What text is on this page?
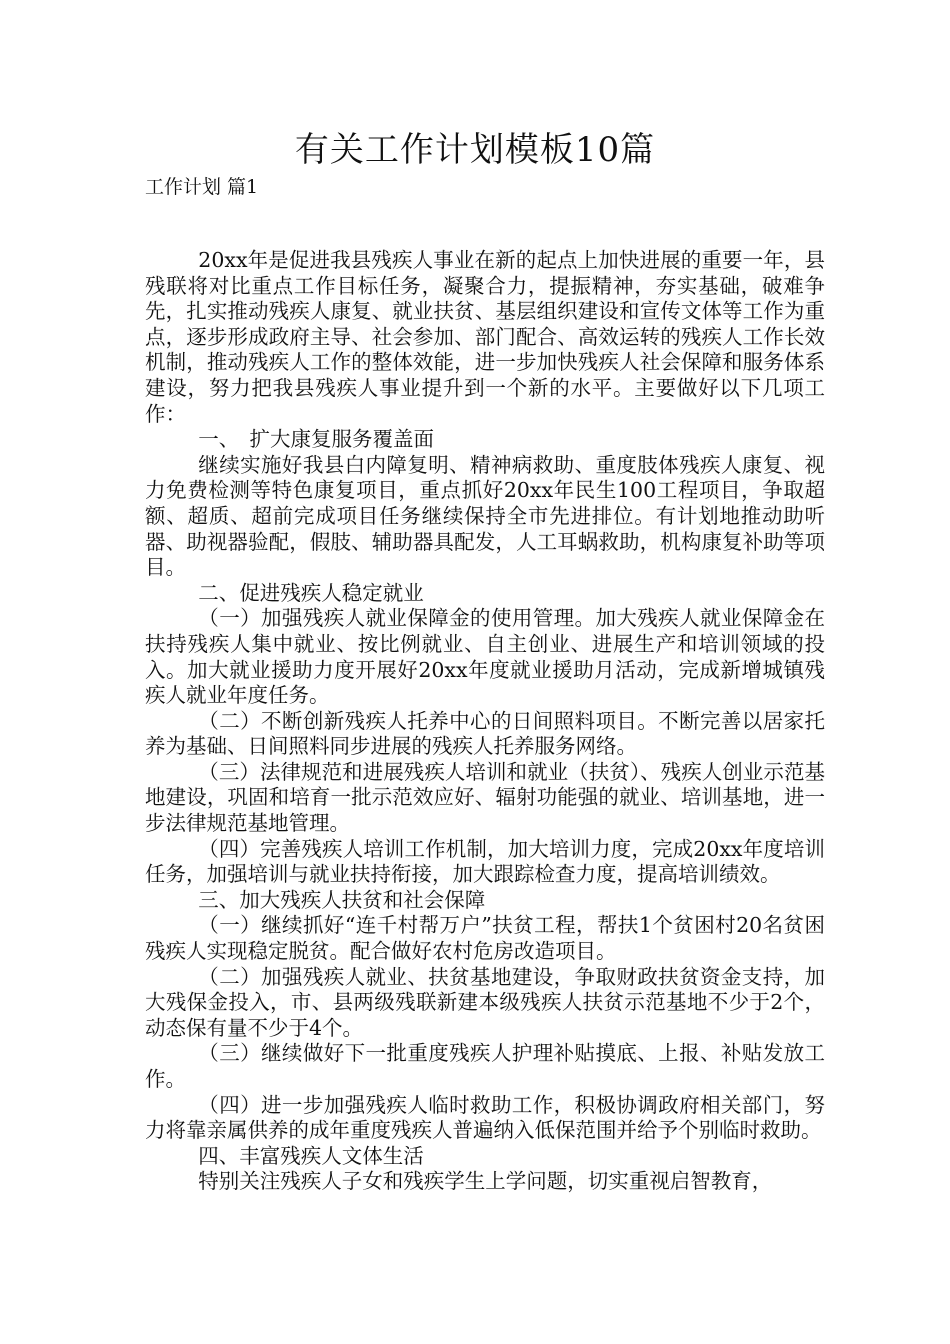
有关工作计划模板10篇
工作计划 篇1

20xx年是促进我县残疾人事业在新的起点上加快进展的重要一年，县残联将对比重点工作目标任务，凝聚合力，提振精神，夯实基础，破难争先，扎实推动残疾人康复、就业扶贫、基层组织建设和宣传文体等工作为重点，逐步形成政府主导、社会参加、部门配合、高效运转的残疾人工作长效机制，推动残疾人工作的整体效能，进一步加快残疾人社会保障和服务体系建设，努力把我县残疾人事业提升到一个新的水平。主要做好以下几项工作：

一、　扩大康复服务覆盖面

继续实施好我县白内障复明、精神病救助、重度肢体残疾人康复、视力免费检测等特色康复项目，重点抓好20xx年民生100工程项目，争取超额、超质、超前完成项目任务继续保持全市先进排位。有计划地推动助听器、助视器验配，假肢、辅助器具配发，人工耳蜗救助，机构康复补助等项目。

二、促进残疾人稳定就业

（一）加强残疾人就业保障金的使用管理。加大残疾人就业保障金在扶持残疾人集中就业、按比例就业、自主创业、进展生产和培训领域的投入。加大就业援助力度开展好20xx年度就业援助月活动，完成新增城镇残疾人就业年度任务。

（二）不断创新残疾人托养中心的日间照料项目。不断完善以居家托养为基础、日间照料同步进展的残疾人托养服务网络。

（三）法律规范和进展残疾人培训和就业（扶贫）、残疾人创业示范基地建设，巩固和培育一批示范效应好、辐射功能强的就业、培训基地，进一步法律规范基地管理。

（四）完善残疾人培训工作机制，加大培训力度，完成20xx年度培训任务，加强培训与就业扶持衔接，加大跟踪检查力度，提高培训绩效。

三、加大残疾人扶贫和社会保障

（一）继续抓好“连千村帮万户”扶贫工程，帮扶1个贫困村20名贫困残疾人实现稳定脱贫。配合做好农村危房改造项目。

（二）加强残疾人就业、扶贫基地建设，争取财政扶贫资金支持，加大残保金投入，市、县两级残联新建本级残疾人扶贫示范基地不少于2个，动态保有量不少于4个。

（三）继续做好下一批重度残疾人护理补贴摸底、上报、补贴发放工作。

（四）进一步加强残疾人临时救助工作，积极协调政府相关部门，努力将靠亲属供养的成年重度残疾人普遍纳入低保范围并给予个别临时救助。

四、丰富残疾人文体生活

特别关注残疾人子女和残疾学生上学问题，切实重视启智教育，
